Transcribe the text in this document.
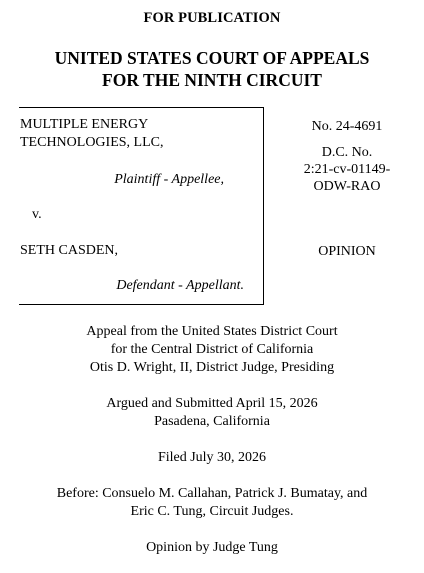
FOR PUBLICATION
UNITED STATES COURT OF APPEALS
FOR THE NINTH CIRCUIT
MULTIPLE ENERGY
TECHNOLOGIES, LLC,
Plaintiff - Appellee,
v.
SETH CASDEN,
Defendant - Appellant.
No. 24-4691
D.C. No.
2:21-cv-01149-
ODW-RAO
OPINION
Appeal from the United States District Court
for the Central District of California
Otis D. Wright, II, District Judge, Presiding
Argued and Submitted April 15, 2026
Pasadena, California
Filed July 30, 2026
Before: Consuelo M. Callahan, Patrick J. Bumatay, and
Eric C. Tung, Circuit Judges.
Opinion by Judge Tung
